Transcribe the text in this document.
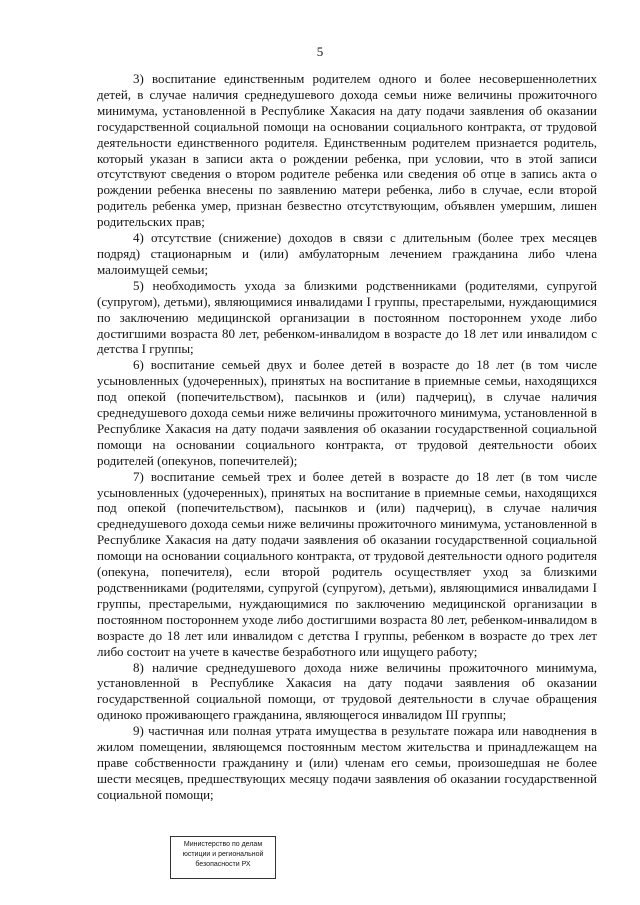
5

3) воспитание единственным родителем одного и более несовершеннолетних детей, в случае наличия среднедушевого дохода семьи ниже величины прожиточного минимума, установленной в Республике Хакасия на дату подачи заявления об оказании государственной социальной помощи на основании социального контракта, от трудовой деятельности единственного родителя. Единственным родителем признается родитель, который указан в записи акта о рождении ребенка, при условии, что в этой записи отсутствуют сведения о втором родителе ребенка или сведения об отце в запись акта о рождении ребенка внесены по заявлению матери ребенка, либо в случае, если второй родитель ребенка умер, признан безвестно отсутствующим, объявлен умершим, лишен родительских прав;

4) отсутствие (снижение) доходов в связи с длительным (более трех месяцев подряд) стационарным и (или) амбулаторным лечением гражданина либо члена малоимущей семьи;

5) необходимость ухода за близкими родственниками (родителями, супругой (супругом), детьми), являющимися инвалидами I группы, престарелыми, нуждающимися по заключению медицинской организации в постоянном постороннем уходе либо достигшими возраста 80 лет, ребенком-инвалидом в возрасте до 18 лет или инвалидом с детства I группы;

6) воспитание семьей двух и более детей в возрасте до 18 лет (в том числе усыновленных (удочеренных), принятых на воспитание в приемные семьи, находящихся под опекой (попечительством), пасынков и (или) падчериц), в случае наличия среднедушевого дохода семьи ниже величины прожиточного минимума, установленной в Республике Хакасия на дату подачи заявления об оказании государственной социальной помощи на основании социального контракта, от трудовой деятельности обоих родителей (опекунов, попечителей);

7) воспитание семьей трех и более детей в возрасте до 18 лет (в том числе усыновленных (удочеренных), принятых на воспитание в приемные семьи, находящихся под опекой (попечительством), пасынков и (или) падчериц), в случае наличия среднедушевого дохода семьи ниже величины прожиточного минимума, установленной в Республике Хакасия на дату подачи заявления об оказании государственной социальной помощи на основании социального контракта, от трудовой деятельности одного родителя (опекуна, попечителя), если второй родитель осуществляет уход за близкими родственниками (родителями, супругой (супругом), детьми), являющимися инвалидами I группы, престарелыми, нуждающимися по заключению медицинской организации в постоянном постороннем уходе либо достигшими возраста 80 лет, ребенком-инвалидом в возрасте до 18 лет или инвалидом с детства I группы, ребенком в возрасте до трех лет либо состоит на учете в качестве безработного или ищущего работу;

8) наличие среднедушевого дохода ниже величины прожиточного минимума, установленной в Республике Хакасия на дату подачи заявления об оказании государственной социальной помощи, от трудовой деятельности в случае обращения одиноко проживающего гражданина, являющегося инвалидом III группы;

9) частичная или полная утрата имущества в результате пожара или наводнения в жилом помещении, являющемся постоянным местом жительства и принадлежащем на праве собственности гражданину и (или) членам его семьи, произошедшая не более шести месяцев, предшествующих месяцу подачи заявления об оказании государственной социальной помощи;

Министерство по делам
юстиции и региональной
безопасности РХ
